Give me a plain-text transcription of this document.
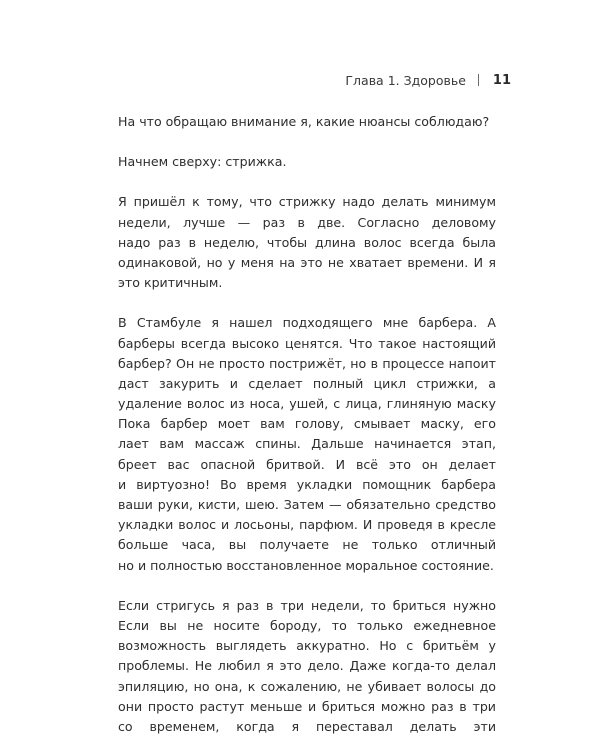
Глава 1. Здоровье 11
На что обращаю внимание я, какие нюансы соблюдаю?
Начнем сверху: стрижка.
Я пришёл к тому, что стрижку надо делать минимум
недели, лучше — раз в две. Согласно деловому
надо раз в неделю, чтобы длина волос всегда была
одинаковой, но у меня на это не хватает времени. И я
это критичным.
В Стамбуле я нашел подходящего мне барбера. А
барберы всегда высоко ценятся. Что такое настоящий
барбер? Он не просто пострижёт, но в процессе напоит
даст закурить и сделает полный цикл стрижки, а
удаление волос из носа, ушей, с лица, глиняную маску
Пока барбер моет вам голову, смывает маску, его
лает вам массаж спины. Дальше начинается этап,
бреет вас опасной бритвой. И всё это он делает
и виртуозно! Во время укладки помощник барбера
ваши руки, кисти, шею. Затем — обязательно средство
укладки волос и лосьоны, парфюм. И проведя в кресле
больше часа, вы получаете не только отличный
но и полностью восстановленное моральное состояние.
Если стригусь я раз в три недели, то бриться нужно
Если вы не носите бороду, то только ежедневное
возможность выглядеть аккуратно. Но с бритьём у
проблемы. Не любил я это дело. Даже когда-то делал
эпиляцию, но она, к сожалению, не убивает волосы до
они просто растут меньше и бриться можно раз в три
со временем, когда я переставал делать эти
